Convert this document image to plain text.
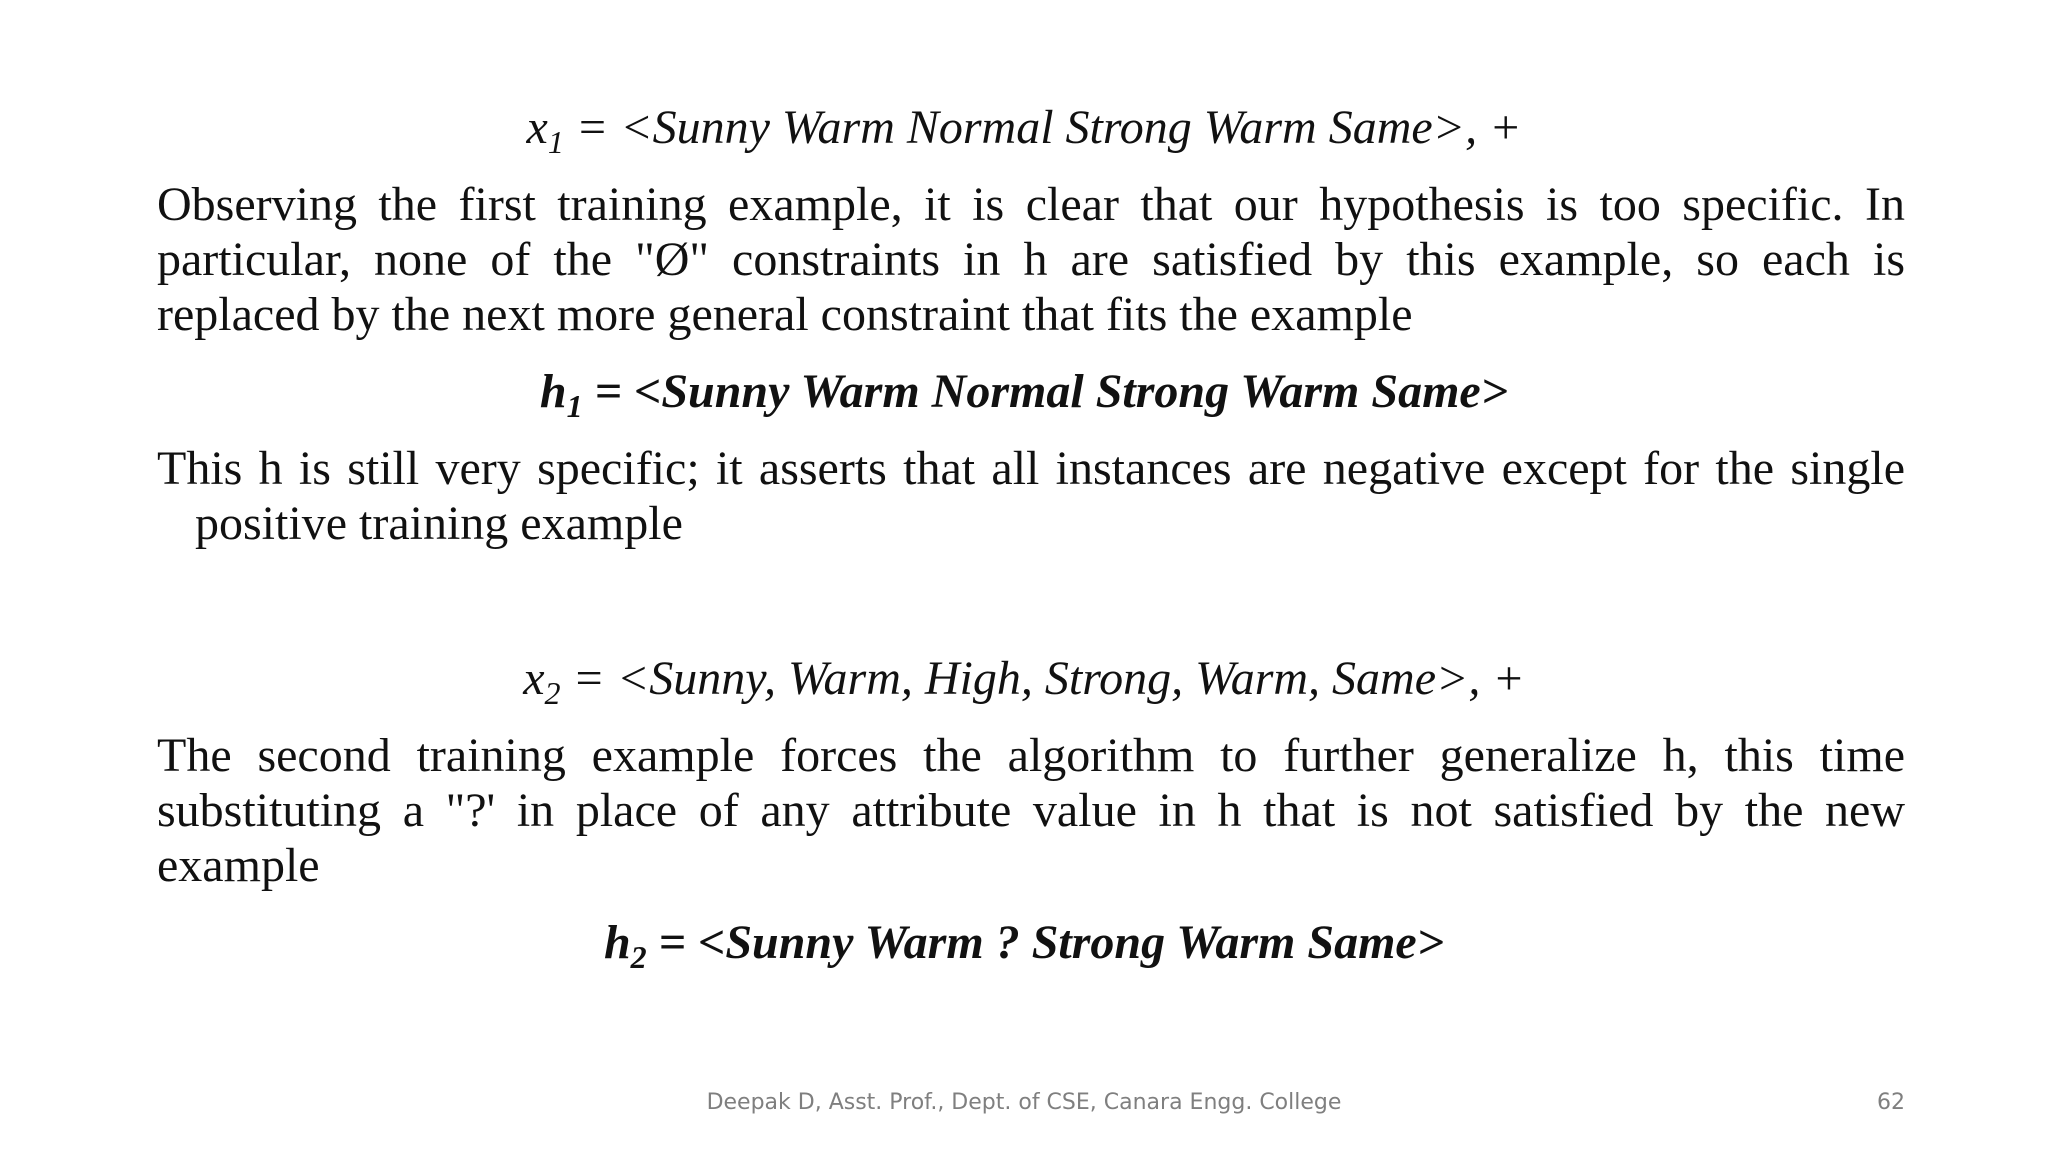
$x_1$ = <Sunny Warm Normal Strong Warm Same>, +
Observing the first training example, it is clear that our hypothesis is too specific. In particular, none of the "Ø" constraints in h are satisfied by this example, so each is replaced by the next more general constraint that fits the example
$h_1$ = <Sunny Warm Normal Strong Warm Same>
This h is still very specific; it asserts that all instances are negative except for the single positive training example
$x_2$ = <Sunny, Warm, High, Strong, Warm, Same>, +
The second training example forces the algorithm to further generalize h, this time substituting a "?' in place of any attribute value in h that is not satisfied by the new example
$h_2$ = <Sunny Warm ? Strong Warm Same>
Deepak D, Asst. Prof., Dept. of CSE, Canara Engg. College	62
